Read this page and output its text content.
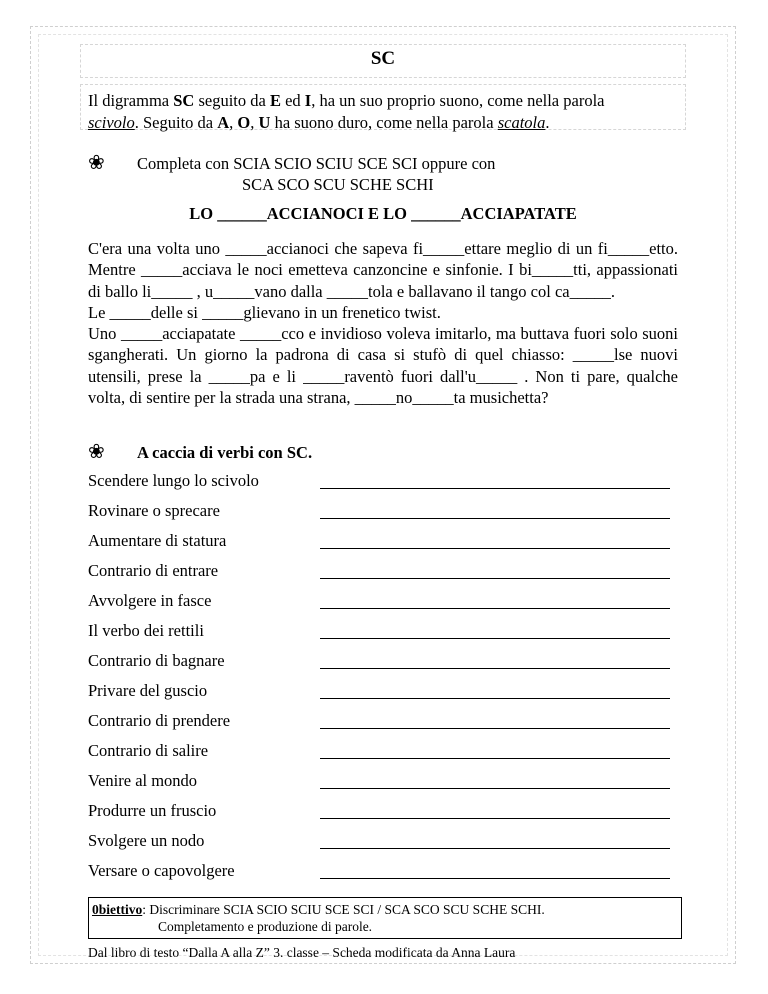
SC
Il digramma SC seguito da E ed I, ha un suo proprio suono, come nella parola
scivolo. Seguito da A, O, U ha suono duro, come nella parola scatola.
❀ Completa con SCIA SCIO SCIU SCE SCI oppure con
SCA SCO SCU SCHE SCHI
LO ______ACCIANOCI E LO ______ACCIAPATATE

C'era una volta uno _____accianoci che sapeva fi_____ettare meglio di un fi_____etto. Mentre _____acciava le noci emetteva canzoncine e sinfonie. I bi_____tti, appassionati di ballo li_____ , u_____vano dalla _____tola e ballavano il tango col ca_____.

Le _____delle si _____glievano in un frenetico twist.

Uno _____acciapatate _____cco e invidioso voleva imitarlo, ma buttava fuori solo suoni sgangherati. Un giorno la padrona di casa si stufò di quel chiasso: _____lse nuovi utensili, prese la _____pa e li _____raventò fuori dall'u_____ . Non ti pare, qualche volta, di sentire per la strada una strana, _____no_____ta musichetta?

❀ A caccia di verbi con SC.
Scendere lungo lo scivolo
Rovinare o sprecare
Aumentare di statura
Contrario di entrare
Avvolgere in fasce
Il verbo dei rettili
Contrario di bagnare
Privare del guscio
Contrario di prendere
Contrario di salire
Venire al mondo
Produrre un fruscio
Svolgere un nodo
Versare o capovolgere
0biettivo: Discriminare SCIA SCIO SCIU SCE SCI / SCA SCO SCU SCHE SCHI.
Completamento e produzione di parole.
Dal libro di testo “Dalla A alla Z” 3. classe – Scheda modificata da Anna Laura
